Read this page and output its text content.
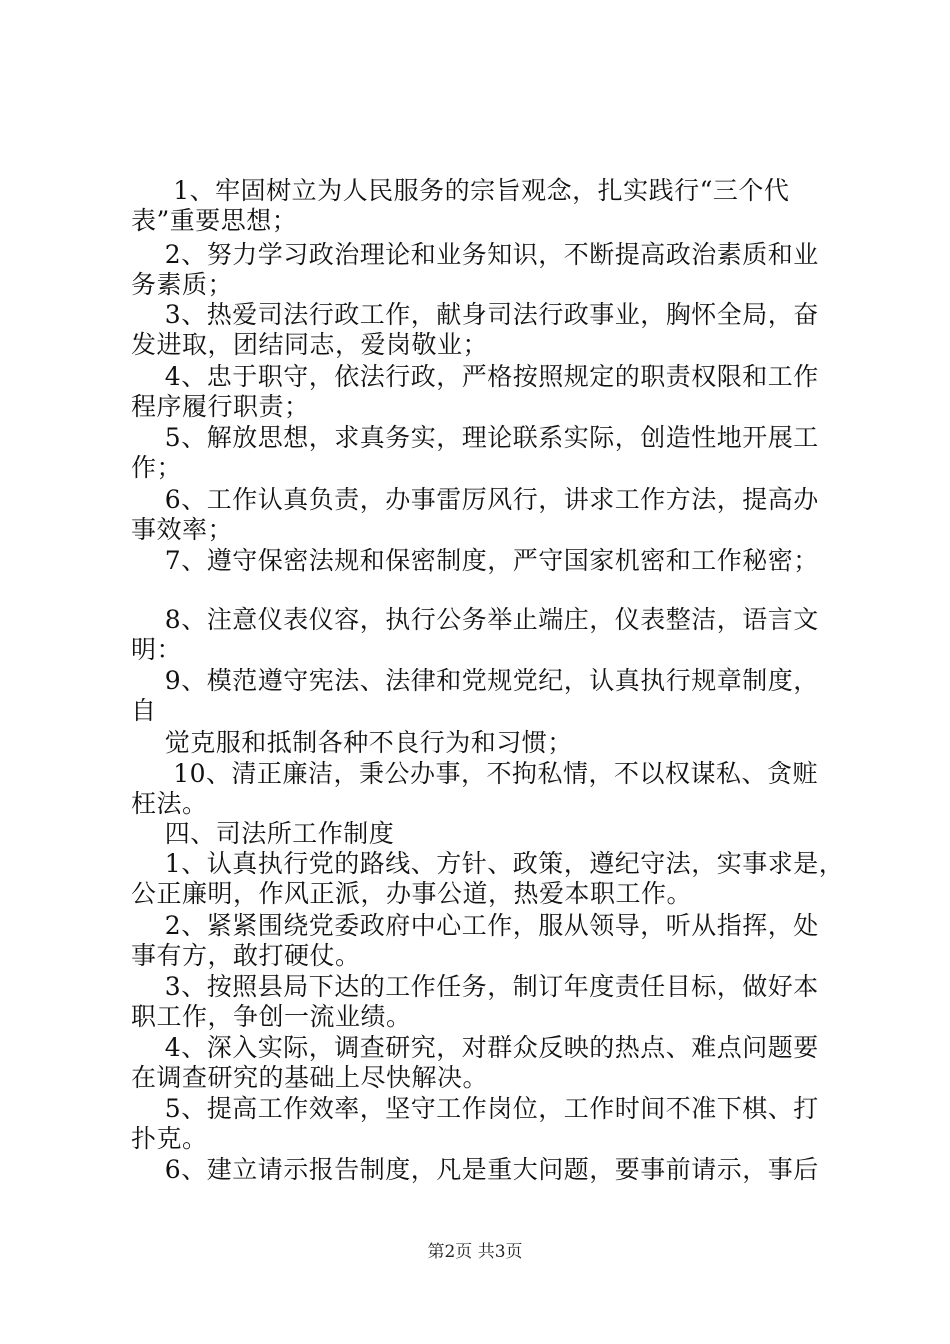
1、牢固树立为人民服务的宗旨观念，扎实践行“三个代
表”重要思想；
2、努力学习政治理论和业务知识，不断提高政治素质和业
务素质；
3、热爱司法行政工作，献身司法行政事业，胸怀全局，奋
发进取，团结同志，爱岗敬业；
4、忠于职守，依法行政，严格按照规定的职责权限和工作
程序履行职责；
5、解放思想，求真务实，理论联系实际，创造性地开展工
作；
6、工作认真负责，办事雷厉风行，讲求工作方法，提高办
事效率；
7、遵守保密法规和保密制度，严守国家机密和工作秘密；
8、注意仪表仪容，执行公务举止端庄，仪表整洁，语言文
明：
9、模范遵守宪法、法律和党规党纪，认真执行规章制度，
自
觉克服和抵制各种不良行为和习惯；
10、清正廉洁，秉公办事，不拘私情，不以权谋私、贪赃
枉法。
四、司法所工作制度
1、认真执行党的路线、方针、政策，遵纪守法，实事求是，
公正廉明，作风正派，办事公道，热爱本职工作。
2、紧紧围绕党委政府中心工作，服从领导，听从指挥，处
事有方，敢打硬仗。
3、按照县局下达的工作任务，制订年度责任目标，做好本
职工作，争创一流业绩。
4、深入实际，调查研究，对群众反映的热点、难点问题要
在调查研究的基础上尽快解决。
5、提高工作效率，坚守工作岗位，工作时间不准下棋、打
扑克。
6、建立请示报告制度，凡是重大问题，要事前请示，事后
第2页 共3页
